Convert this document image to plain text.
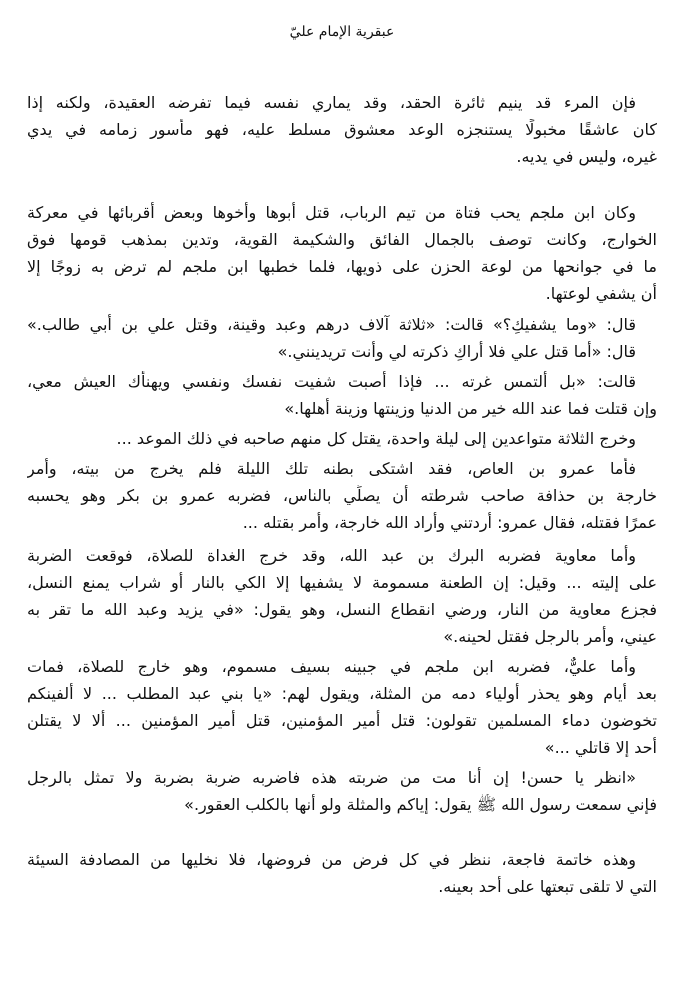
عبقرية الإمام عليّ
فإن المرء قد ينيم ثائرة الحقد، وقد يماري نفسه فيما تفرضه العقيدة، ولكنه إذا
كان عاشقًا مخبولًا يستنجزه الوعد معشوق مسلط عليه، فهو مأسور زمامه في يدي
غيره، وليس في يديه.
وكان ابن ملجم يحب فتاة من تيم الرباب، قتل أبوها وأخوها وبعض أقربائها في معركة
الخوارج، وكانت توصف بالجمال الفائق والشكيمة القوية، وتدين بمذهب قومها فوق
ما في جوانحها من لوعة الحزن على ذويها، فلما خطبها ابن ملجم لم ترض به زوجًا إلا
أن يشفي لوعتها.
قال: «وما يشفيكِ؟» قالت: «ثلاثة آلاف درهم وعبد وقينة، وقتل علي بن أبي طالب.»
قال: «أما قتل علي فلا أراكِ ذكرته لي وأنت تريدينني.»
قالت: «بل ألتمس غرته ... فإذا أصبت شفيت نفسك ونفسي ويهنأك العيش معي،
وإن قتلت فما عند الله خير من الدنيا وزينتها وزينة أهلها.»
وخرج الثلاثة متواعدين إلى ليلة واحدة، يقتل كل منهم صاحبه في ذلك الموعد ...
فأما عمرو بن العاص، فقد اشتكى بطنه تلك الليلة فلم يخرج من بيته، وأمر
خارجة بن حذافة صاحب شرطته أن يصلِّي بالناس، فضربه عمرو بن بكر وهو يحسبه
عمرًا فقتله، فقال عمرو: أردتني وأراد الله خارجة، وأمر بقتله ...
وأما معاوية فضربه البرك بن عبد الله، وقد خرج الغداة للصلاة، فوقعت الضربة
على إليته ... وقيل: إن الطعنة مسمومة لا يشفيها إلا الكي بالنار أو شراب يمنع النسل،
فجزع معاوية من النار، ورضي انقطاع النسل، وهو يقول: «في يزيد وعبد الله ما تقر به
عيني، وأمر بالرجل فقتل لحينه.»
وأما عليٌّ، فضربه ابن ملجم في جبينه بسيف مسموم، وهو خارج للصلاة، فمات
بعد أيام وهو يحذر أولياء دمه من المثلة، ويقول لهم: «يا بني عبد المطلب ... لا ألفينكم
تخوضون دماء المسلمين تقولون: قتل أمير المؤمنين، قتل أمير المؤمنين ... ألا لا يقتلن
أحد إلا قاتلي ...»
«انظر يا حسن! إن أنا مت من ضربته هذه فاضربه ضربة بضربة ولا تمثل بالرجل
فإني سمعت رسول الله ﷺ يقول: إياكم والمثلة ولو أنها بالكلب العقور.»
وهذه خاتمة فاجعة، ننظر في كل فرض من فروضها، فلا نخليها من المصادفة السيئة
التي لا تلقى تبعتها على أحد بعينه.
